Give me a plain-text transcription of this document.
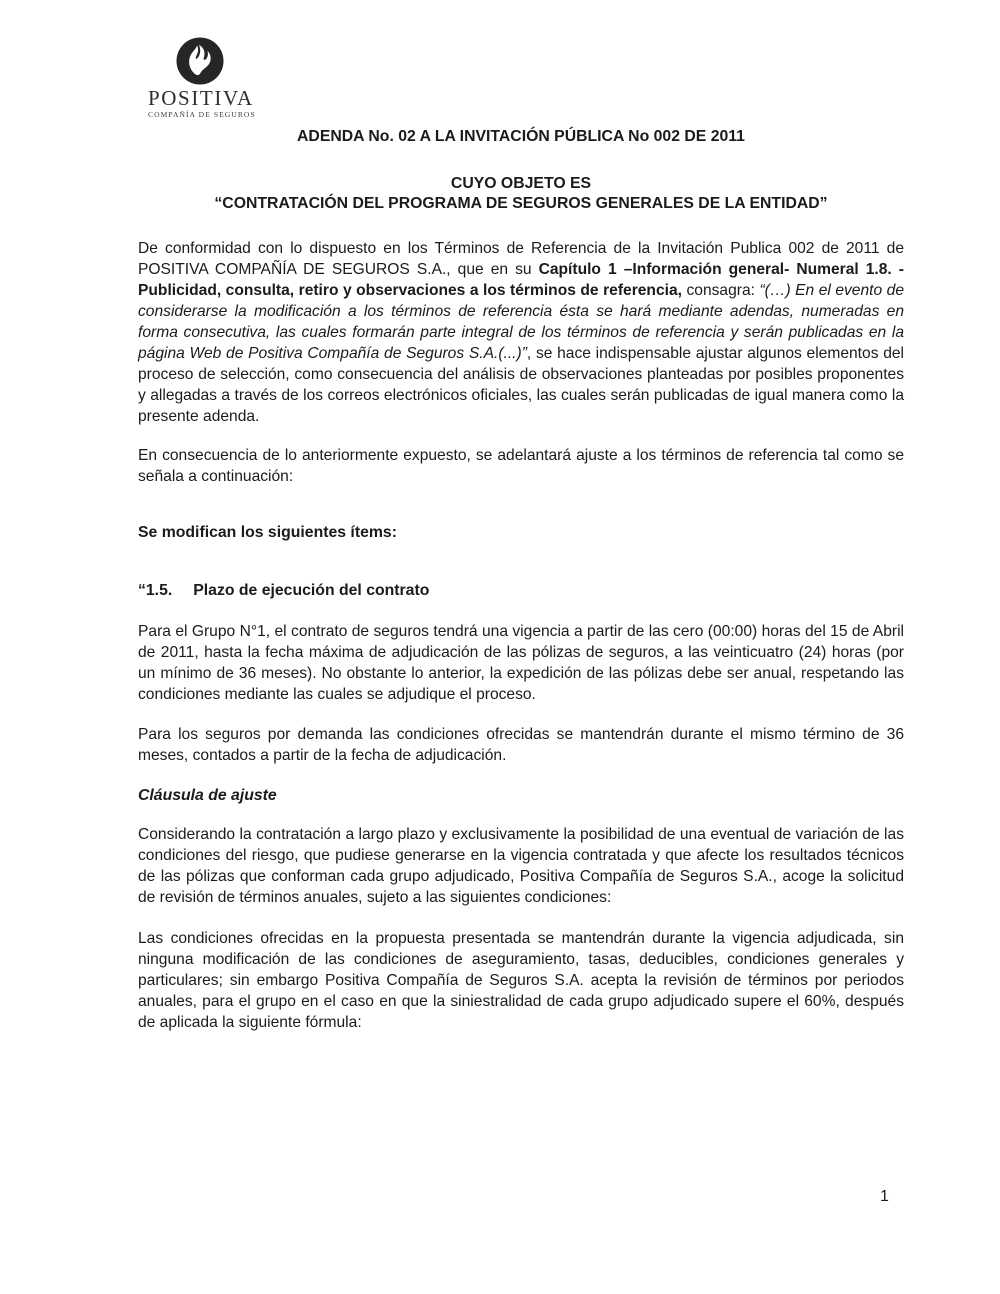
POSITIVA
COMPAÑÍA DE SEGUROS
ADENDA No. 02 A LA INVITACIÓN PÚBLICA No 002 DE 2011
CUYO OBJETO ES
“CONTRATACIÓN DEL PROGRAMA DE SEGUROS GENERALES DE LA ENTIDAD”

De conformidad con lo dispuesto en los Términos de Referencia de la Invitación Publica 002 de 2011 de POSITIVA COMPAÑÍA DE SEGUROS S.A., que en su Capítulo 1 –Información general- Numeral 1.8. - Publicidad, consulta, retiro y observaciones a los términos de referencia, consagra: “(…) En el evento de considerarse la modificación a los términos de referencia ésta se hará mediante adendas, numeradas en forma consecutiva, las cuales formarán parte integral de los términos de referencia y serán publicadas en la página Web de Positiva Compañía de Seguros S.A.(...)”, se hace indispensable ajustar algunos elementos del proceso de selección, como consecuencia del análisis de observaciones planteadas por posibles proponentes y allegadas a través de los correos electrónicos oficiales, las cuales serán publicadas de igual manera como la presente adenda.

En consecuencia de lo anteriormente expuesto, se adelantará ajuste a los términos de referencia tal como se señala a continuación:

Se modifican los siguientes ítems:

“1.5. Plazo de ejecución del contrato

Para el Grupo N°1, el contrato de seguros tendrá una vigencia a partir de las cero (00:00) horas del 15 de Abril de 2011, hasta la fecha máxima de adjudicación de las pólizas de seguros, a las veinticuatro (24) horas (por un mínimo de 36 meses). No obstante lo anterior, la expedición de las pólizas debe ser anual, respetando las condiciones mediante las cuales se adjudique el proceso.

Para los seguros por demanda las condiciones ofrecidas se mantendrán durante el mismo término de 36 meses, contados a partir de la fecha de adjudicación.

Cláusula de ajuste

Considerando la contratación a largo plazo y exclusivamente la posibilidad de una eventual de variación de las condiciones del riesgo, que pudiese generarse en la vigencia contratada y que afecte los resultados técnicos de las pólizas que conforman cada grupo adjudicado, Positiva Compañía de Seguros S.A., acoge la solicitud de revisión de términos anuales, sujeto a las siguientes condiciones:

Las condiciones ofrecidas en la propuesta presentada se mantendrán durante la vigencia adjudicada, sin ninguna modificación de las condiciones de aseguramiento, tasas, deducibles, condiciones generales y particulares; sin embargo Positiva Compañía de Seguros S.A. acepta la revisión de términos por periodos anuales, para el grupo en el caso en que la siniestralidad de cada grupo adjudicado supere el 60%, después de aplicada la siguiente fórmula:

1
